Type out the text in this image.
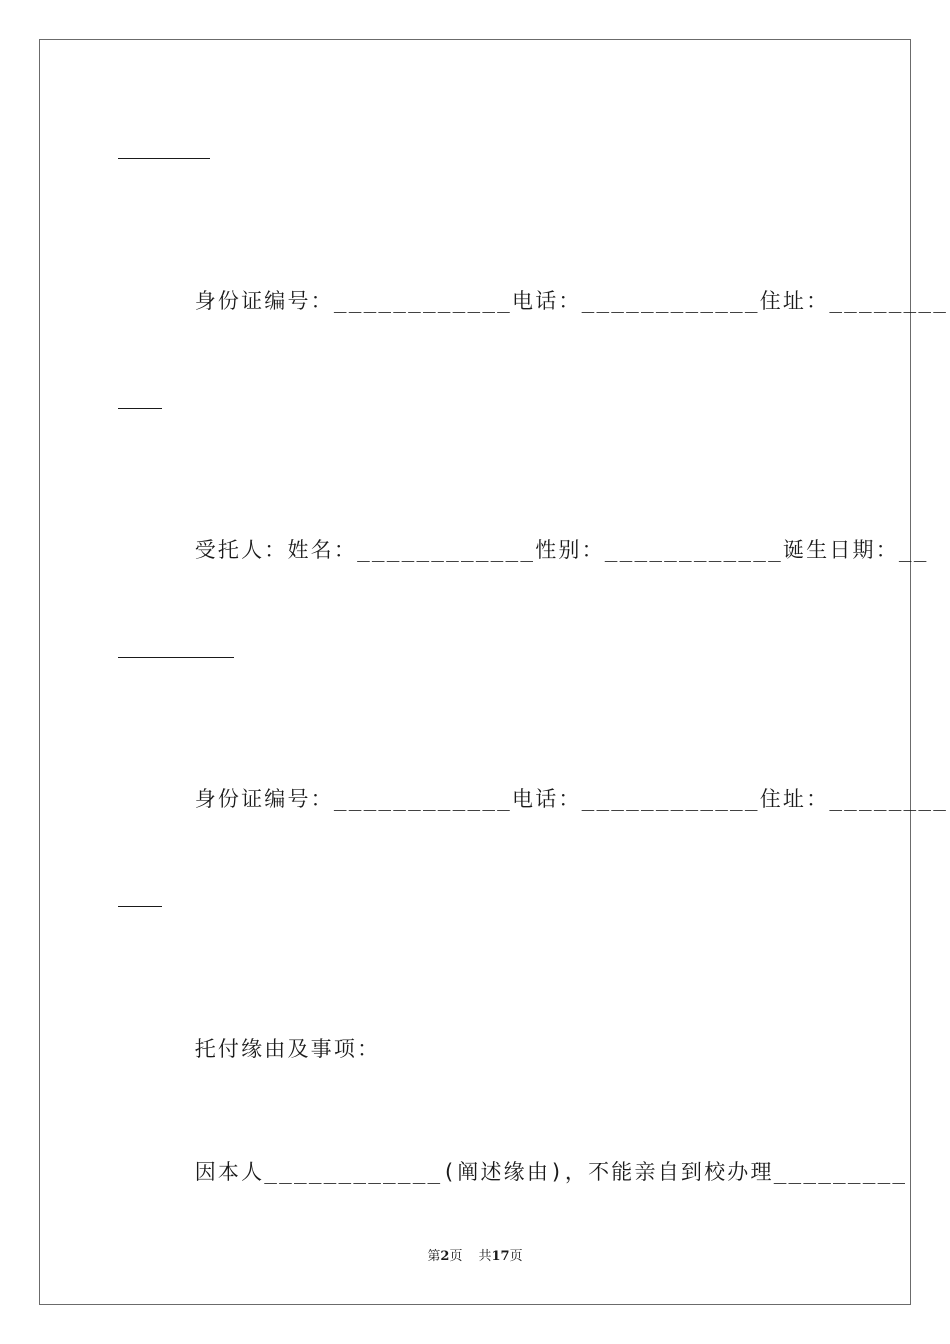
身份证编号：____________电话：____________住址：________

受托人：姓名：____________性别：____________诞生日期：__

身份证编号：____________电话：____________住址：________

托付缘由及事项：

因本人____________(阐述缘由)，不能亲自到校办理_________

第2页 共17页
